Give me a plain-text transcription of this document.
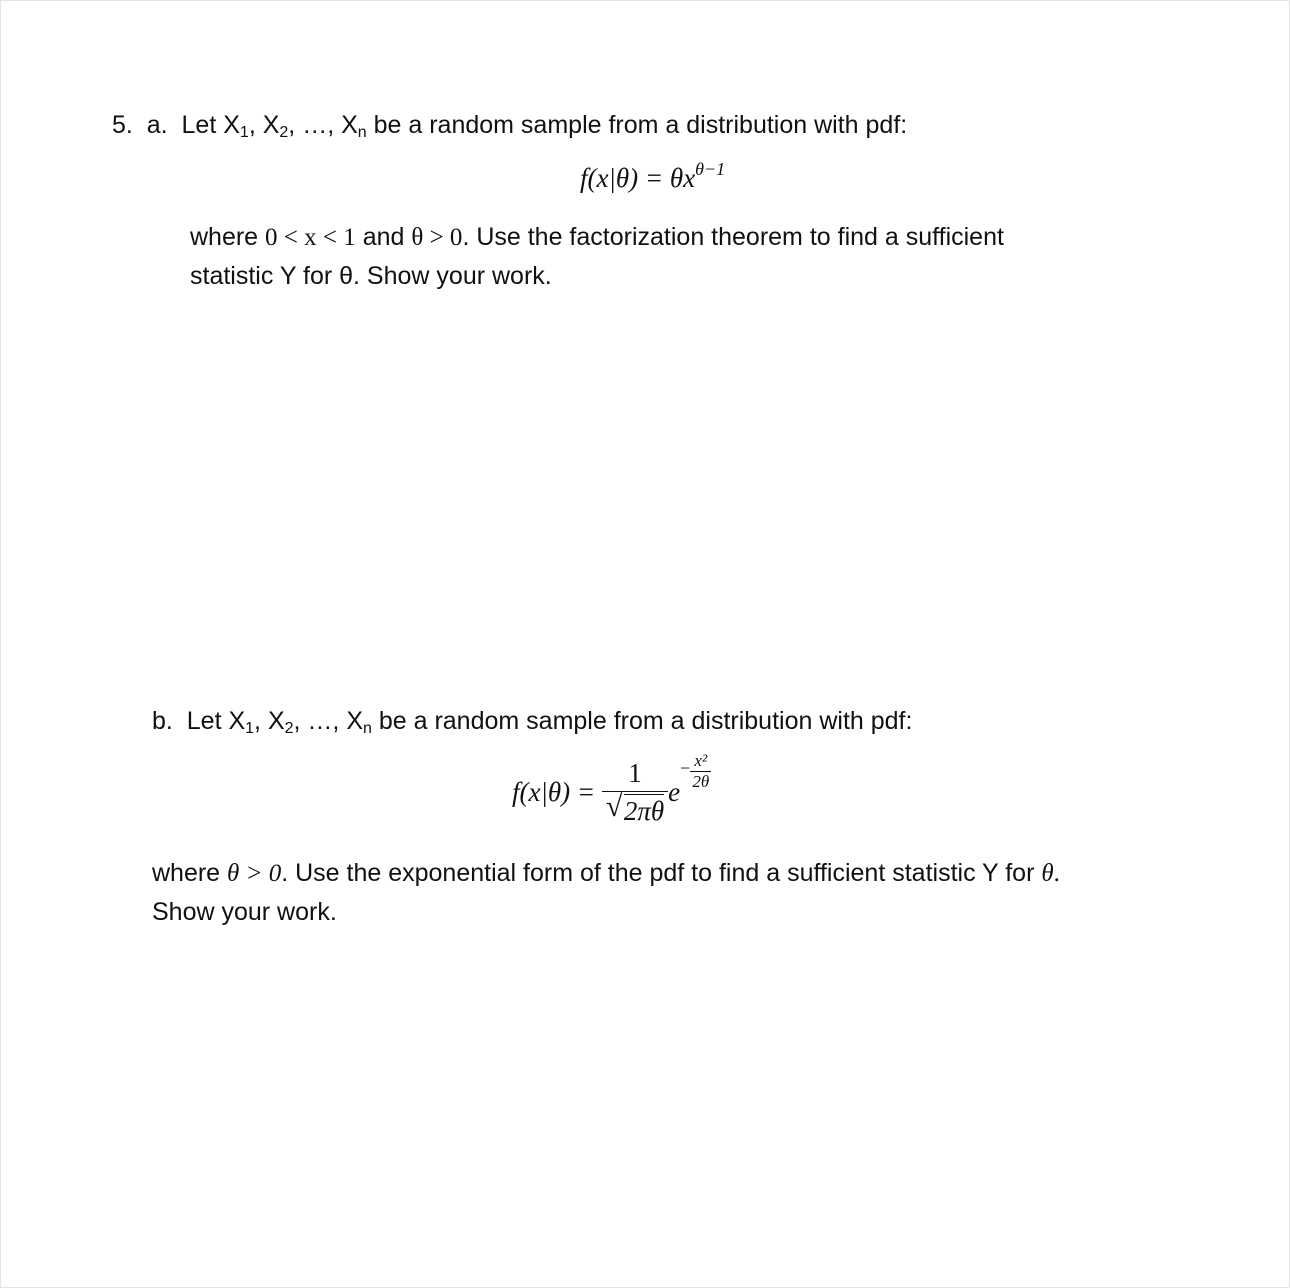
5. a. Let $X_1$, $X_2$, …, $X_n$ be a random sample from a distribution with pdf:
$f(x|\theta) = \theta x^{\theta-1}$
where 0 < x < 1 and θ > 0. Use the factorization theorem to find a sufficient
statistic Y for θ. Show your work.
b. Let $X_1$, $X_2$, …, $X_n$ be a random sample from a distribution with pdf:
$f(x|\theta) = \frac{1}{√ 2\pi\theta} e^- \frac{\text{x²}}{2\theta}$
where θ > 0. Use the exponential form of the pdf to find a sufficient statistic Y for θ.
Show your work.
